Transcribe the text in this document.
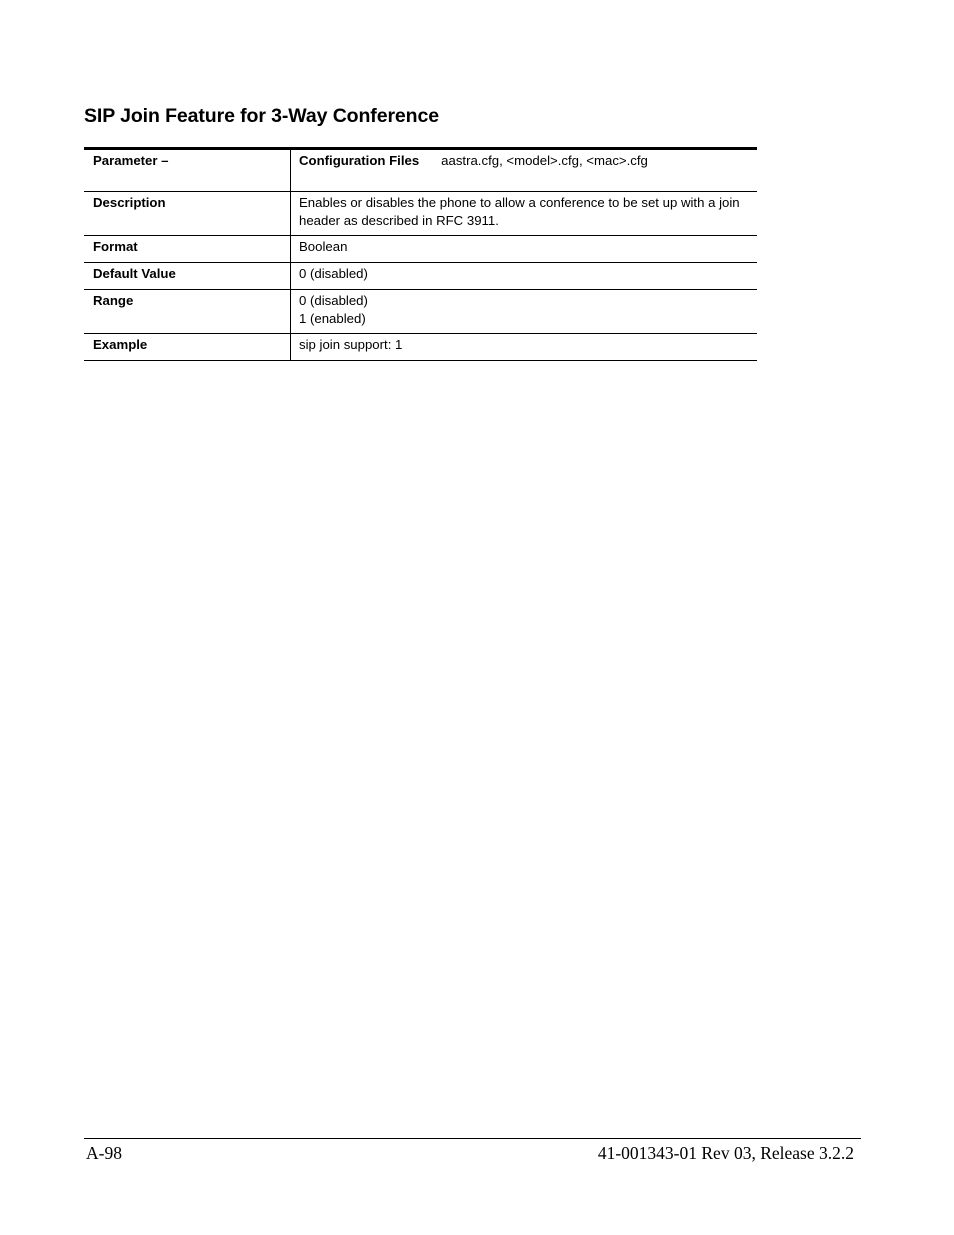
SIP Join Feature for 3-Way Conference
Parameter –	Configuration Files aastra.cfg, <model>.cfg, <mac>.cfg
Description	Enables or disables the phone to allow a conference to be set up with a join header as described in RFC 3911.
Format	Boolean
Default Value	0 (disabled)
Range	0 (disabled)
1 (enabled)

Example	sip join support: 1
A-98	41-001343-01 Rev 03, Release 3.2.2
